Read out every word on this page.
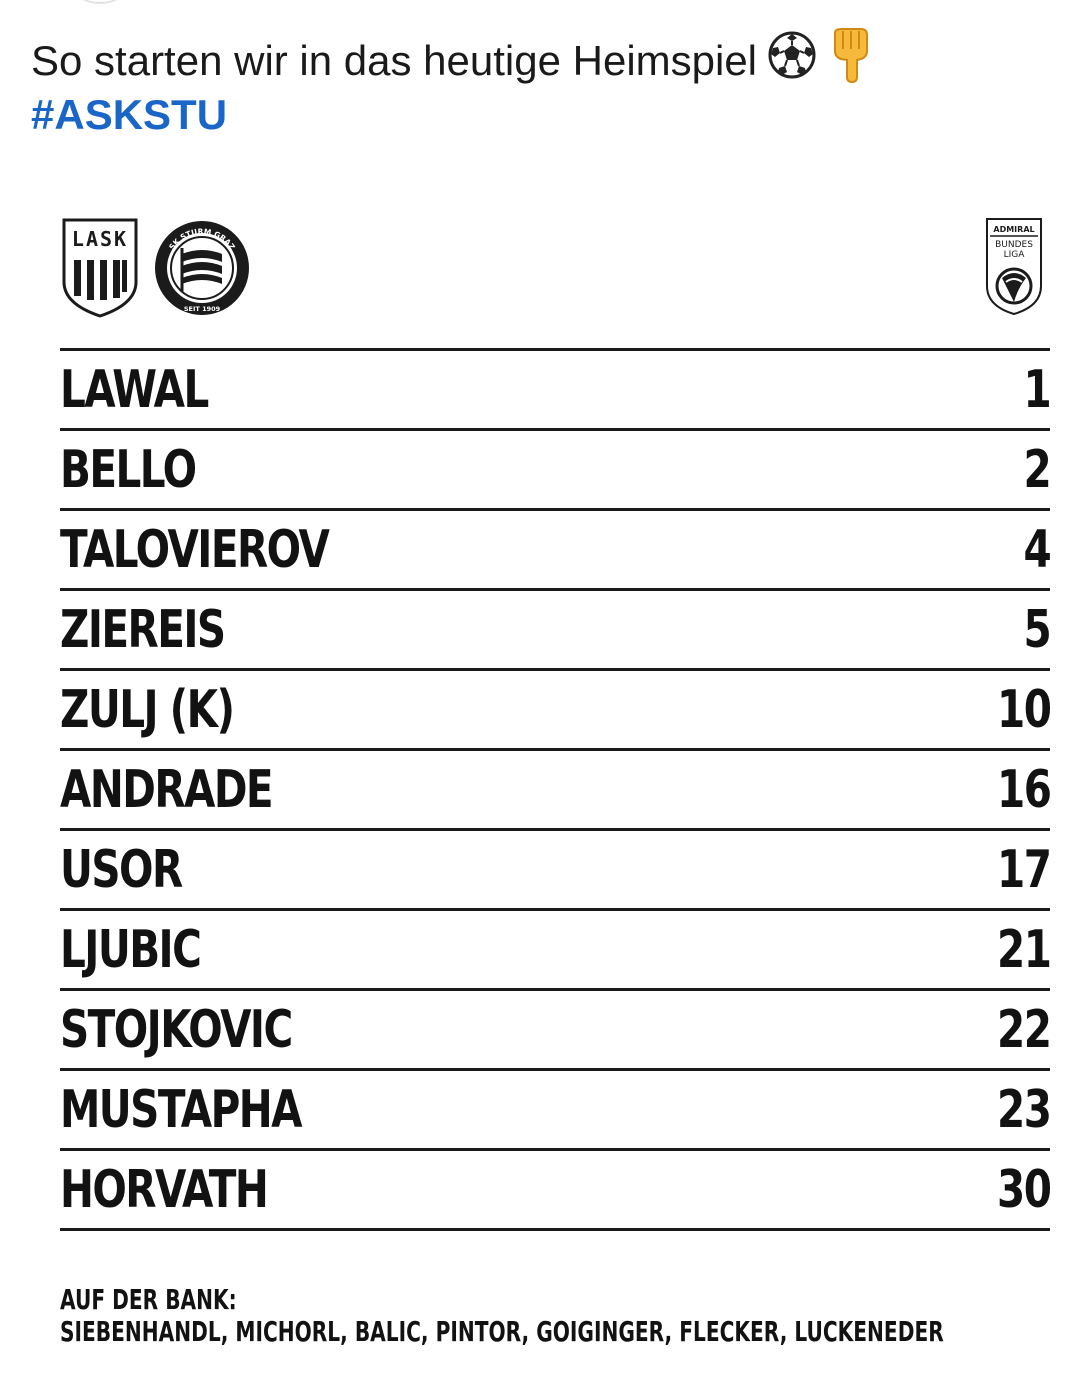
So starten wir in das heutige Heimspiel
#ASKSTU
LASK	SK STURM GRAZ
SEIT 1909
ADMIRAL
BUNDES
LIGA
LAWAL	1
BELLO	2
TALOVIEROV	4
ZIEREIS	5
ZULJ (K)	10
ANDRADE	16
USOR	17
LJUBIC	21
STOJKOVIC	22
MUSTAPHA	23
HORVATH	30
AUF DER BANK:
SIEBENHANDL, MICHORL, BALIC, PINTOR, GOIGINGER, FLECKER, LUCKENEDER
